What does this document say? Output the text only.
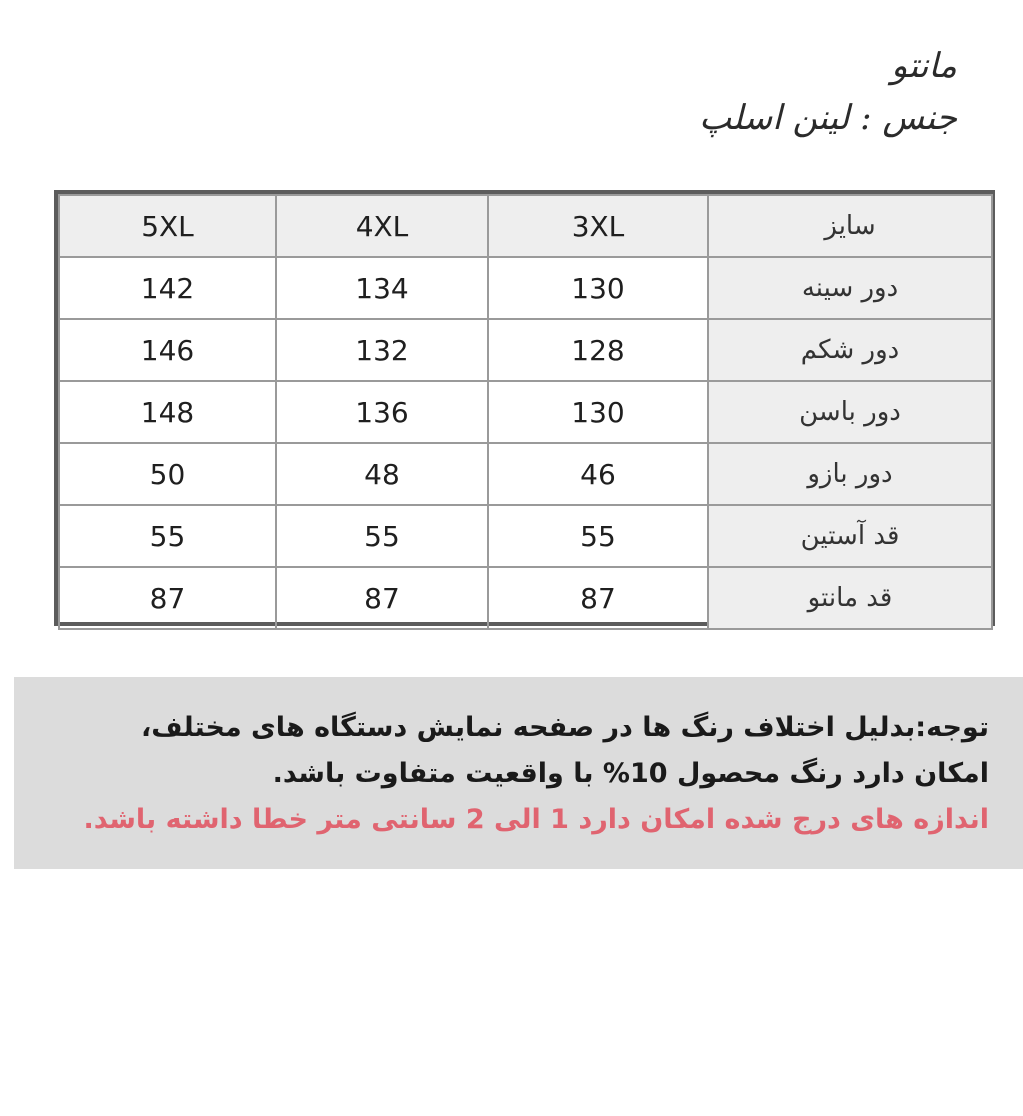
مانتو
جنس : لینن اسلپ
سایز	3XL	4XL	5XL
دور سینه	130	134	142
دور شکم	128	132	146
دور باسن	130	136	148
دور بازو	46	48	50
قد آستین	55	55	55
قد مانتو	87	87	87
توجه:بدلیل اختلاف رنگ ها در صفحه نمایش دستگاه های مختلف،
امکان دارد رنگ محصول 10% با واقعیت متفاوت باشد.
اندازه های درج شده امکان دارد 1 الی 2 سانتی متر خطا داشته باشد.
